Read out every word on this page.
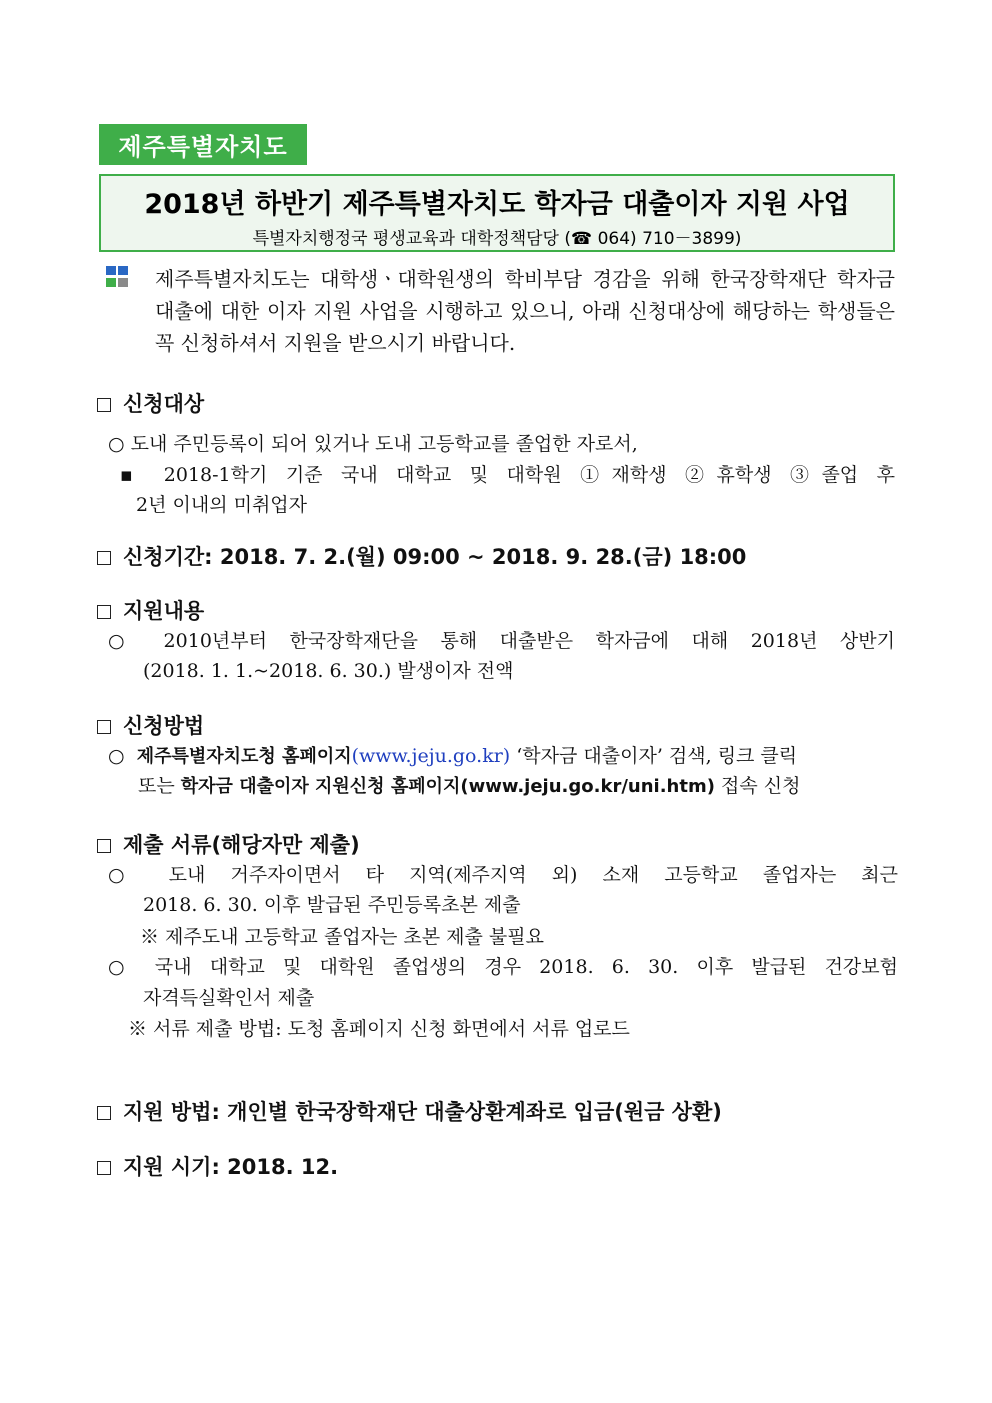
제주특별자치도
2018년 하반기 제주특별자치도 학자금 대출이자 지원 사업
특별자치행정국 평생교육과 대학정책담당 (☎ 064) 710－3899)
제주특별자치도는 대학생ㆍ대학원생의 학비부담 경감을 위해 한국장학재단 학자금 대출에 대한 이자 지원 사업을 시행하고 있으니, 아래 신청대상에 해당하는 학생들은 꼭 신청하셔서 지원을 받으시기 바랍니다.
신청대상
○ 도내 주민등록이 되어 있거나 도내 고등학교를 졸업한 자로서,
▪ 2018-1학기 기준 국내 대학교 및 대학원 ①재학생 ②휴학생 ③졸업 후
2년 이내의 미취업자
신청기간: 2018. 7. 2.(월) 09:00 ~ 2018. 9. 28.(금) 18:00
지원내용
○ 2010년부터 한국장학재단을 통해 대출받은 학자금에 대해 2018년 상반기
(2018. 1. 1.~2018. 6. 30.) 발생이자 전액
신청방법
○ 제주특별자치도청 홈페이지(www.jeju.go.kr) ‘학자금 대출이자’ 검색, 링크 클릭
또는 학자금 대출이자 지원신청 홈페이지(www.jeju.go.kr/uni.htm) 접속 신청
제출 서류(해당자만 제출)
○ 도내 거주자이면서 타 지역(제주지역 외) 소재 고등학교 졸업자는 최근
2018. 6. 30. 이후 발급된 주민등록초본 제출
※ 제주도내 고등학교 졸업자는 초본 제출 불필요
○ 국내 대학교 및 대학원 졸업생의 경우 2018. 6. 30. 이후 발급된 건강보험
자격득실확인서 제출
※ 서류 제출 방법: 도청 홈페이지 신청 화면에서 서류 업로드
지원 방법: 개인별 한국장학재단 대출상환계좌로 입금(원금 상환)
지원 시기: 2018. 12.
